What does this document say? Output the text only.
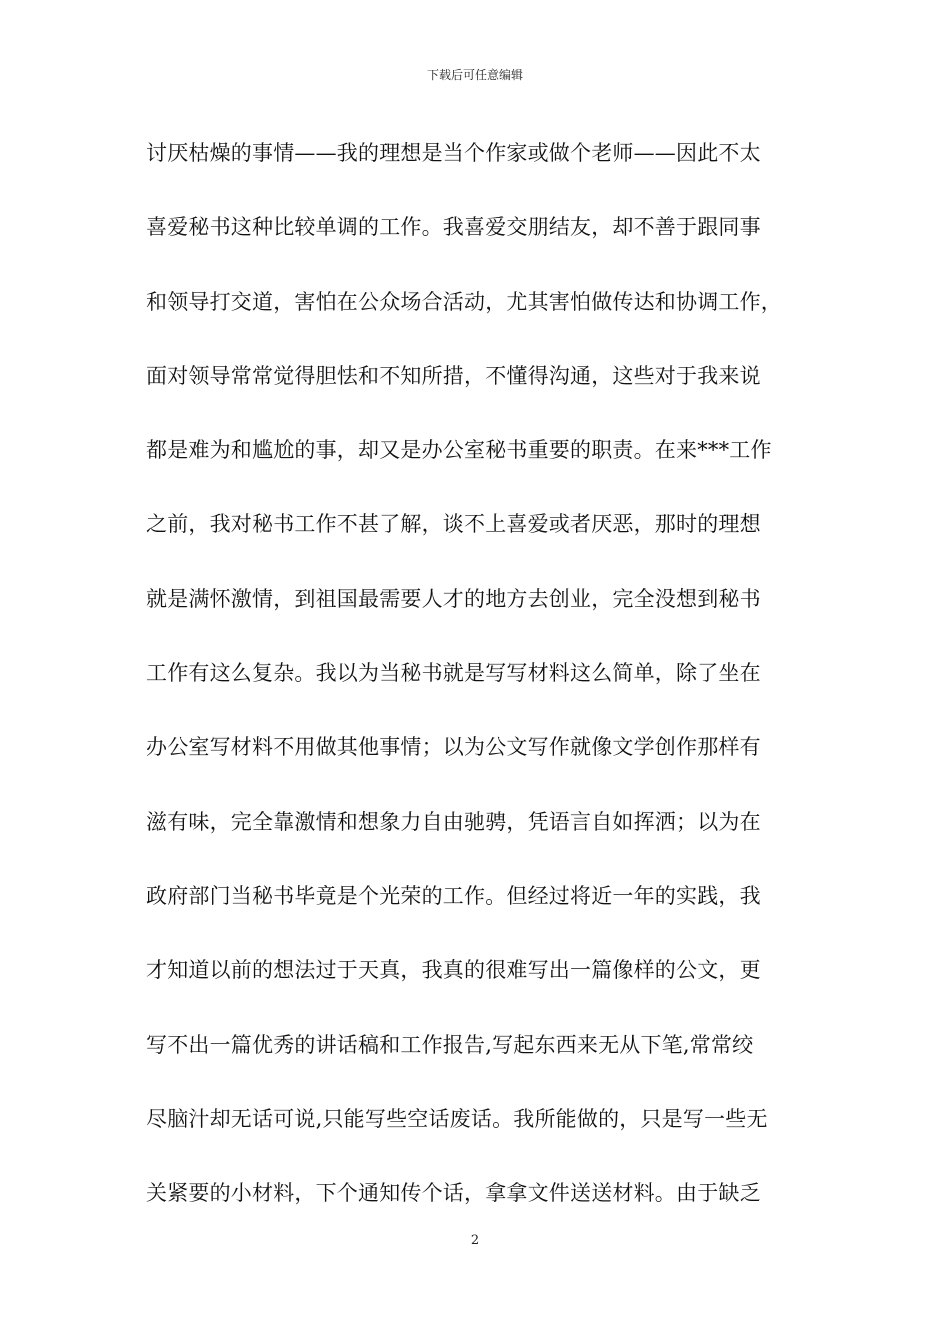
下载后可任意编辑
讨厌枯燥的事情——我的理想是当个作家或做个老师——因此不太
喜爱秘书这种比较单调的工作。我喜爱交朋结友，却不善于跟同事
和领导打交道，害怕在公众场合活动，尤其害怕做传达和协调工作，
面对领导常常觉得胆怯和不知所措，不懂得沟通，这些对于我来说
都是难为和尴尬的事，却又是办公室秘书重要的职责。在来***工作
之前，我对秘书工作不甚了解，谈不上喜爱或者厌恶，那时的理想
就是满怀激情，到祖国最需要人才的地方去创业，完全没想到秘书
工作有这么复杂。我以为当秘书就是写写材料这么简单，除了坐在
办公室写材料不用做其他事情；以为公文写作就像文学创作那样有
滋有味，完全靠激情和想象力自由驰骋，凭语言自如挥洒；以为在
政府部门当秘书毕竟是个光荣的工作。但经过将近一年的实践，我
才知道以前的想法过于天真，我真的很难写出一篇像样的公文，更
写不出一篇优秀的讲话稿和工作报告,写起东西来无从下笔,常常绞
尽脑汁却无话可说,只能写些空话废话。我所能做的，只是写一些无
关紧要的小材料，下个通知传个话，拿拿文件送送材料。由于缺乏
2
